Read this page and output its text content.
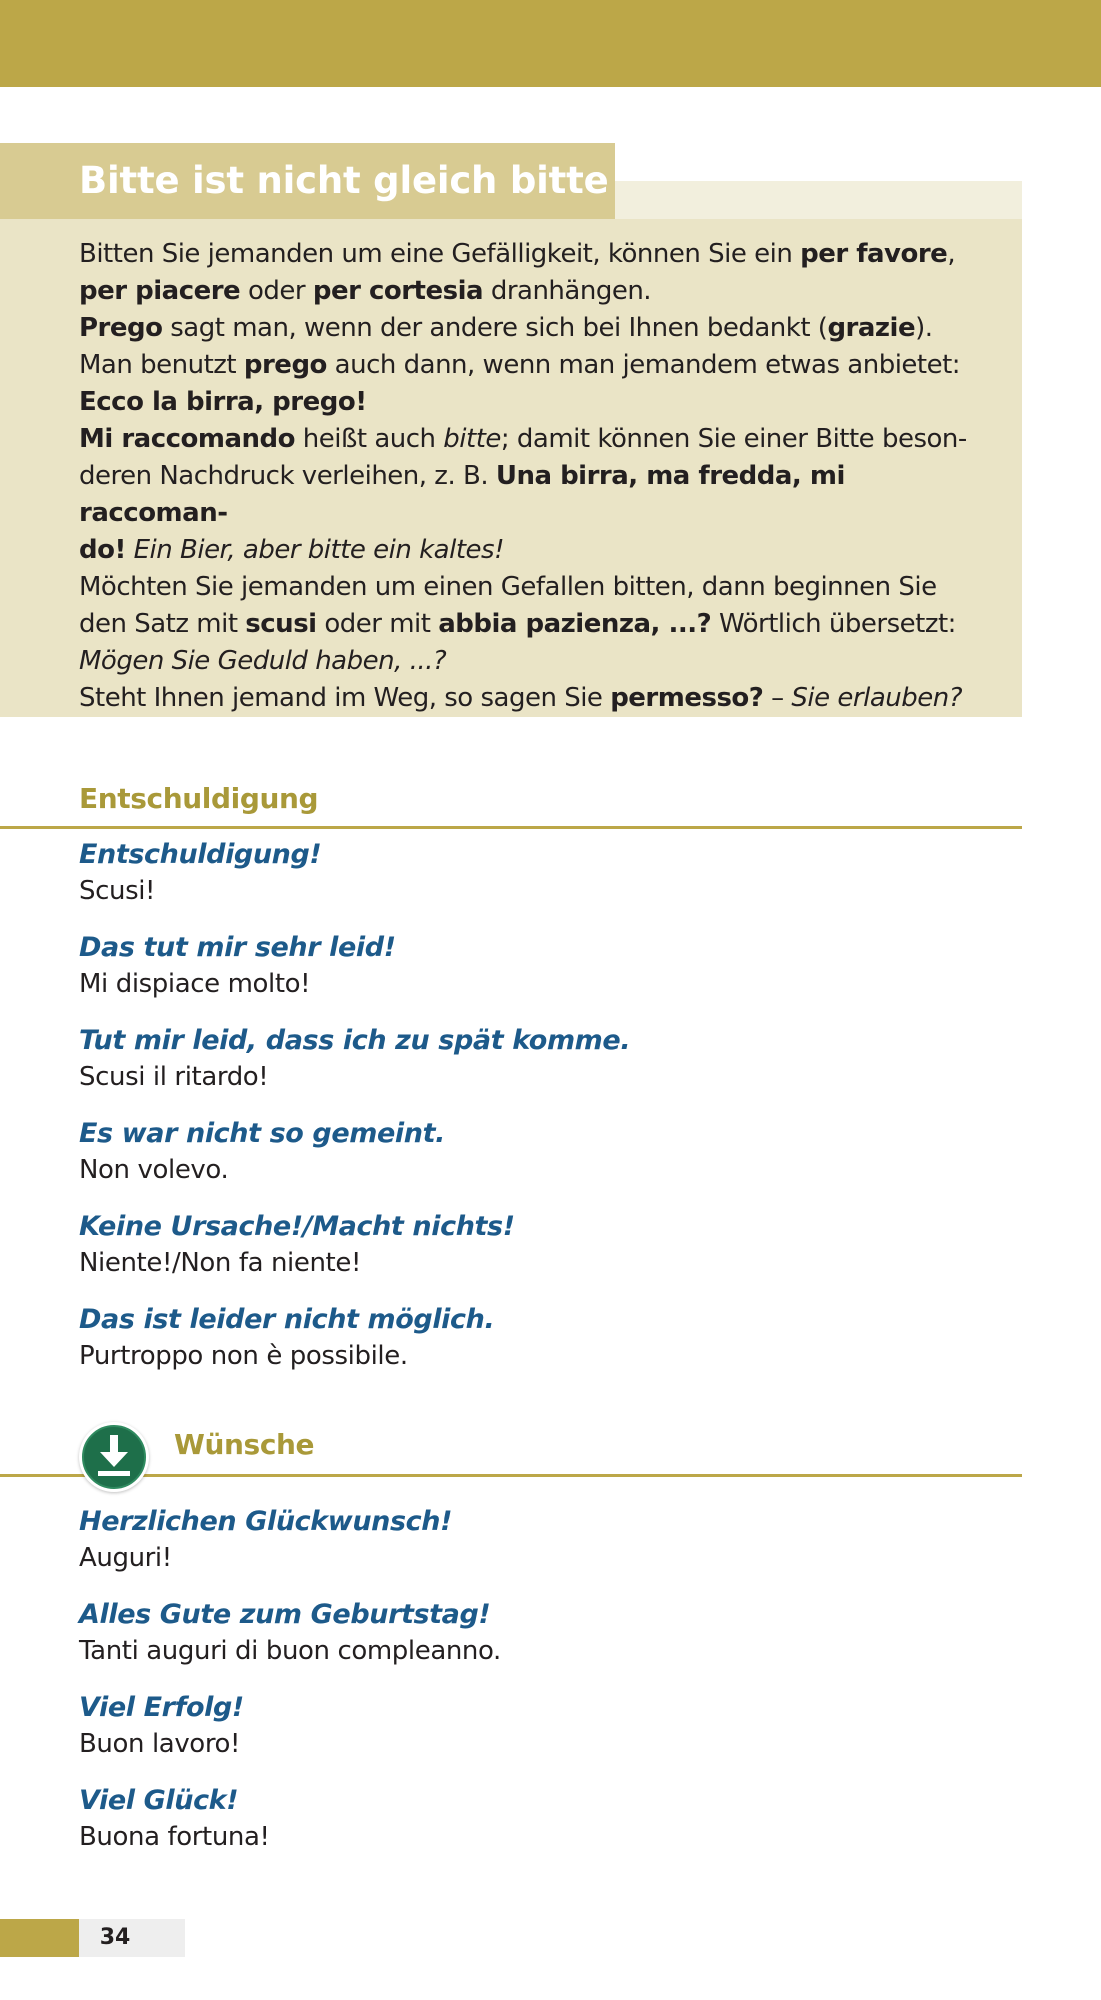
Bitte ist nicht gleich bitte
Bitten Sie jemanden um eine Gefälligkeit, können Sie ein per favore,
per piacere oder per cortesia dranhängen.
Prego sagt man, wenn der andere sich bei Ihnen bedankt (grazie).
Man benutzt prego auch dann, wenn man jemandem etwas anbietet:
Ecco la birra, prego!
Mi raccomando heißt auch bitte; damit können Sie einer Bitte beson-
deren Nachdruck verleihen, z. B. Una birra, ma fredda, mi raccoman-
do! Ein Bier, aber bitte ein kaltes!
Möchten Sie jemanden um einen Gefallen bitten, dann beginnen Sie
den Satz mit scusi oder mit abbia pazienza, ...? Wörtlich übersetzt:
Mögen Sie Geduld haben, ...?
Steht Ihnen jemand im Weg, so sagen Sie permesso? – Sie erlauben?
Entschuldigung
Entschuldigung!
Scusi!
Das tut mir sehr leid!
Mi dispiace molto!
Tut mir leid, dass ich zu spät komme.
Scusi il ritardo!
Es war nicht so gemeint.
Non volevo.
Keine Ursache!/Macht nichts!
Niente!/Non fa niente!
Das ist leider nicht möglich.
Purtroppo non è possibile.
Wünsche
Herzlichen Glückwunsch!
Auguri!
Alles Gute zum Geburtstag!
Tanti auguri di buon compleanno.
Viel Erfolg!
Buon lavoro!
Viel Glück!
Buona fortuna!
34
